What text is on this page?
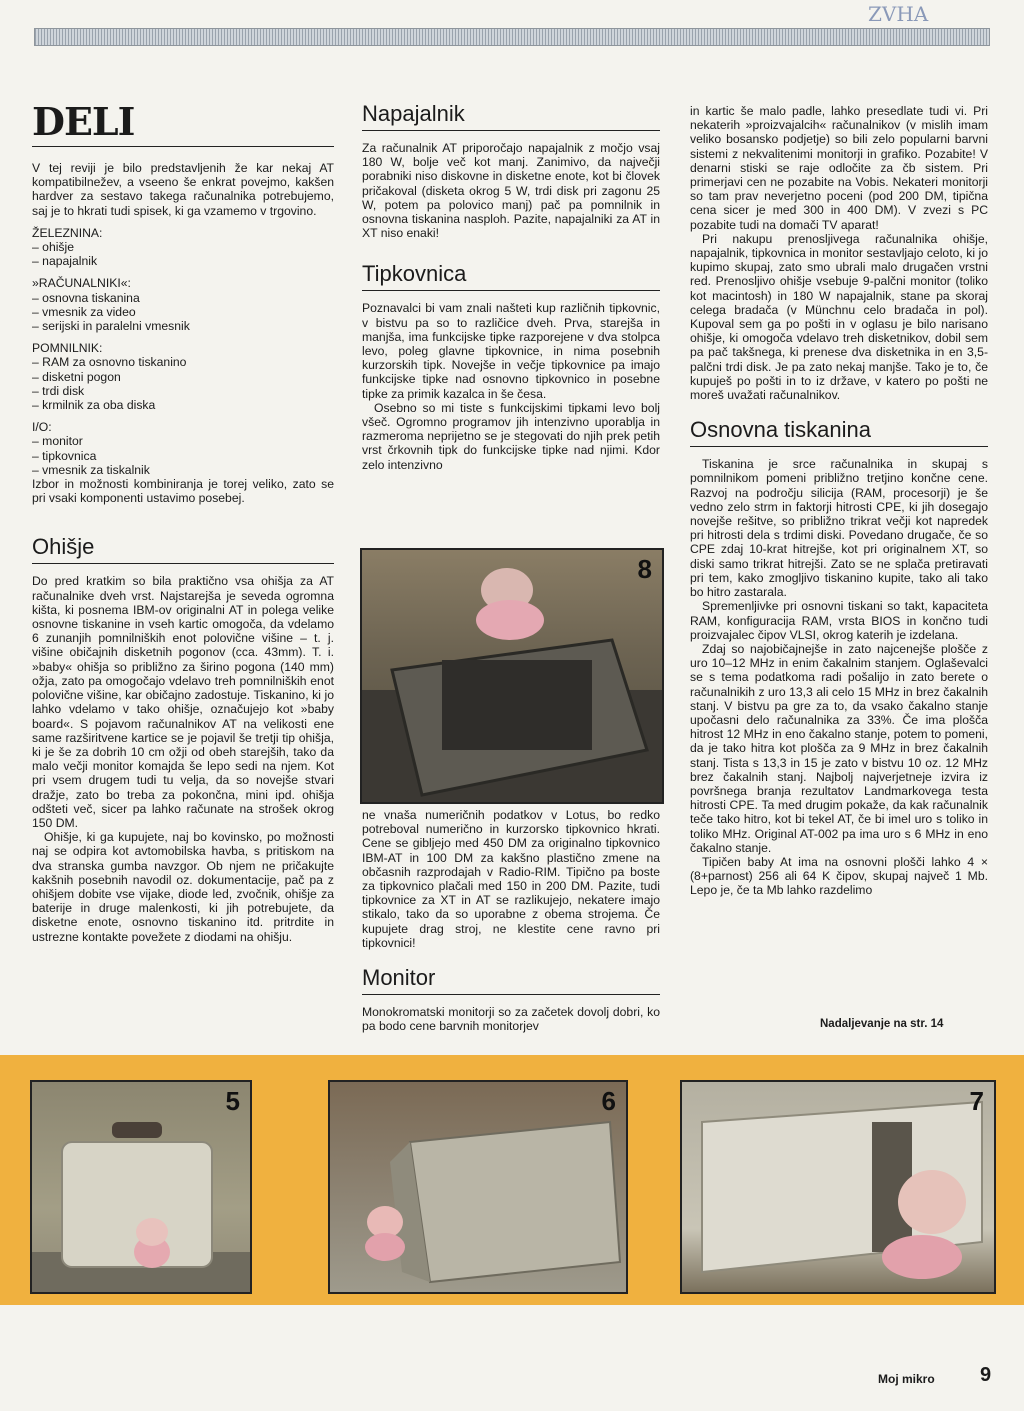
ZVHA
DELI

V tej reviji je bilo predstavljenih že kar nekaj AT kompatibilnežev, a vseeno še enkrat povejmo, kakšen hardver za sestavo takega računalnika potrebujemo, saj je to hkrati tudi spisek, ki ga vzamemo v trgovino.

ŽELEZNINA:
– ohišje
– napajalnik
»RAČUNALNIKI«:
– osnovna tiskanina
– vmesnik za video
– serijski in paralelni vmesnik
POMNILNIK:
– RAM za osnovno tiskanino
– disketni pogon
– trdi disk
– krmilnik za oba diska
I/O:
– monitor
– tipkovnica
– vmesnik za tiskalnik

Izbor in možnosti kombiniranja je torej veliko, zato se pri vsaki komponenti ustavimo posebej.

Ohišje

Do pred kratkim so bila praktično vsa ohišja za AT računalnike dveh vrst. Najstarejša je seveda ogromna kišta, ki posnema IBM-ov originalni AT in polega velike osnovne tiskanine in vseh kartic omogoča, da vdelamo 6 zunanjih pomnilniških enot polovične višine – t. j. višine običajnih disketnih pogonov (cca. 43mm). T. i. »baby« ohišja so približno za širino pogona (140 mm) ožja, zato pa omogočajo vdelavo treh pomnilniških enot polovične višine, kar običajno zadostuje. Tiskanino, ki jo lahko vdelamo v tako ohišje, označujejo kot »baby board«. S pojavom računalnikov AT na velikosti ene same razširitvene kartice se je pojavil še tretji tip ohišja, ki je še za dobrih 10 cm ožji od obeh starejših, tako da malo večji monitor komajda še lepo sedi na njem. Kot pri vsem drugem tudi tu velja, da so novejše stvari dražje, zato bo treba za pokončna, mini ipd. ohišja odšteti več, sicer pa lahko računate na strošek okrog 150 DM.

Ohišje, ki ga kupujete, naj bo kovinsko, po možnosti naj se odpira kot avtomobilska havba, s pritiskom na dva stranska gumba navzgor. Ob njem ne pričakujte kakšnih posebnih navodil oz. dokumentacije, pač pa z ohišjem dobite vse vijake, diode led, zvočnik, ohišje za baterije in druge malenkosti, ki jih potrebujete, da disketne enote, osnovno tiskanino itd. pritrdite in ustrezne kontakte povežete z diodami na ohišju.

Napajalnik

Za računalnik AT priporočajo napajalnik z močjo vsaj 180 W, bolje več kot manj. Zanimivo, da največji porabniki niso diskovne in disketne enote, kot bi človek pričakoval (disketa okrog 5 W, trdi disk pri zagonu 25 W, potem pa polovico manj) pač pa pomnilnik in osnovna tiskanina nasploh. Pazite, napajalniki za AT in XT niso enaki!

Tipkovnica

Poznavalci bi vam znali našteti kup različnih tipkovnic, v bistvu pa so to različice dveh. Prva, starejša in manjša, ima funkcijske tipke razporejene v dva stolpca levo, poleg glavne tipkovnice, in nima posebnih kurzorskih tipk. Novejše in večje tipkovnice pa imajo funkcijske tipke nad osnovno tipkovnico in posebne tipke za primik kazalca in še česa.

Osebno so mi tiste s funkcijskimi tipkami levo bolj všeč. Ogromno programov jih intenzivno uporablja in razmeroma neprijetno se je stegovati do njih prek petih vrst črkovnih tipk do funkcijske tipke nad njimi. Kdor zelo intenzivno

8

ne vnaša numeričnih podatkov v Lotus, bo redko potreboval numerično in kurzorsko tipkovnico hkrati. Cene se gibljejo med 450 DM za originalno tipkovnico IBM-AT in 100 DM za kakšno plastično zmene na občasnih razprodajah v Radio-RIM. Tipično pa boste za tipkovnico plačali med 150 in 200 DM. Pazite, tudi tipkovnice za XT in AT se razlikujejo, nekatere imajo stikalo, tako da so uporabne z obema strojema. Če kupujete drag stroj, ne klestite cene ravno pri tipkovnici!

Monitor

Monokromatski monitorji so za začetek dovolj dobri, ko pa bodo cene barvnih monitorjev

in kartic še malo padle, lahko presedlate tudi vi. Pri nekaterih »proizvajalcih« računalnikov (v mislih imam veliko bosansko podjetje) so bili zelo popularni barvni sistemi z nekvalitenimi monitorji in grafiko. Pozabite! V denarni stiski se raje odločite za čb sistem. Pri primerjavi cen ne pozabite na Vobis. Nekateri monitorji so tam prav neverjetno poceni (pod 200 DM, tipična cena sicer je med 300 in 400 DM). V zvezi s PC pozabite tudi na domači TV aparat!

Pri nakupu prenosljivega računalnika ohišje, napajalnik, tipkovnica in monitor sestavljajo celoto, ki jo kupimo skupaj, zato smo ubrali malo drugačen vrstni red. Prenosljivo ohišje vsebuje 9-palčni monitor (toliko kot macintosh) in 180 W napajalnik, stane pa skoraj celega bradača (v Münchnu celo bradača in pol). Kupoval sem ga po pošti in v oglasu je bilo narisano ohišje, ki omogoča vdelavo treh disketnikov, dobil sem pa pač takšnega, ki prenese dva disketnika in en 3,5-palčni trdi disk. Je pa zato nekaj manjše. Tako je to, če kupuješ po pošti in to iz države, v katero po pošti ne moreš uvažati računalnikov.

Osnovna tiskanina

Tiskanina je srce računalnika in skupaj s pomnilnikom pomeni približno tretjino končne cene. Razvoj na področju silicija (RAM, procesorji) je še vedno zelo strm in faktorji hitrosti CPE, ki jih dosegajo novejše rešitve, so približno trikrat večji kot napredek pri hitrosti dela s trdimi diski. Povedano drugače, če so CPE zdaj 10-krat hitrejše, kot pri originalnem XT, so diski samo trikrat hitrejši. Zato se ne splača pretiravati pri tem, kako zmogljivo tiskanino kupite, tako ali tako bo hitro zastarala.

Spremenljivke pri osnovni tiskani so takt, kapaciteta RAM, konfiguracija RAM, vrsta BIOS in končno tudi proizvajalec čipov VLSI, okrog katerih je izdelana.

Zdaj so najobičajnejše in zato najcenejše plošče z uro 10–12 MHz in enim čakalnim stanjem. Oglaševalci se s tema podatkoma radi pošalijo in zato berete o računalnikih z uro 13,3 ali celo 15 MHz in brez čakalnih stanj. V bistvu pa gre za to, da vsako čakalno stanje upočasni delo računalnika za 33%. Če ima plošča hitrost 12 MHz in eno čakalno stanje, potem to pomeni, da je tako hitra kot plošča za 9 MHz in brez čakalnih stanj. Tista s 13,3 in 15 je zato v bistvu 10 oz. 12 MHz brez čakalnih stanj. Najbolj najverjetneje izvira iz površnega branja rezultatov Landmarkovega testa hitrosti CPE. Ta med drugim pokaže, da kak računalnik teče tako hitro, kot bi tekel AT, če bi imel uro s toliko in toliko MHz. Original AT-002 pa ima uro s 6 MHz in eno čakalno stanje.

Tipičen baby At ima na osnovni plošči lahko 4 × (8+parnost) 256 ali 64 K čipov, skupaj največ 1 Mb. Lepo je, če ta Mb lahko razdelimo

Nadaljevanje na str. 14
5	6	7
Moj mikro 9
